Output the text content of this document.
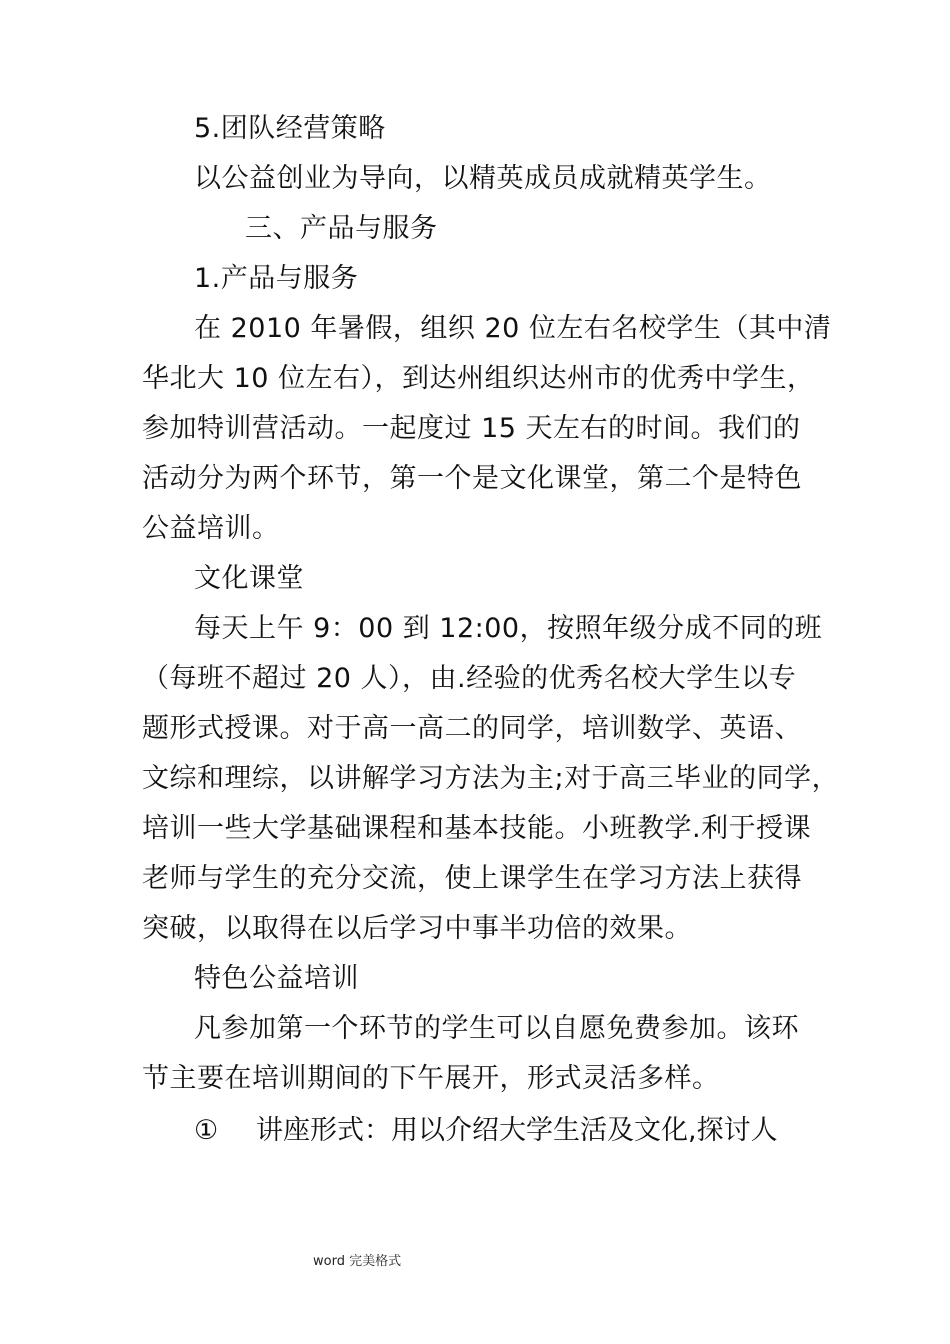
5.团队经营策略
以公益创业为导向，以精英成员成就精英学生。
三、产品与服务
1.产品与服务
在 2010 年暑假，组织 20 位左右名校学生（其中清
华北大 10 位左右），到达州组织达州市的优秀中学生，
参加特训营活动。一起度过 15 天左右的时间。我们的
活动分为两个环节，第一个是文化课堂，第二个是特色
公益培训。
文化课堂
每天上午 9：00 到 12:00，按照年级分成不同的班
（每班不超过 20 人），由.经验的优秀名校大学生以专
题形式授课。对于高一高二的同学，培训数学、英语、
文综和理综，以讲解学习方法为主;对于高三毕业的同学，
培训一些大学基础课程和基本技能。小班教学.利于授课
老师与学生的充分交流，使上课学生在学习方法上获得
突破，以取得在以后学习中事半功倍的效果。
特色公益培训
凡参加第一个环节的学生可以自愿免费参加。该环
节主要在培训期间的下午展开，形式灵活多样。
① 讲座形式：用以介绍大学生活及文化,探讨人
word 完美格式
